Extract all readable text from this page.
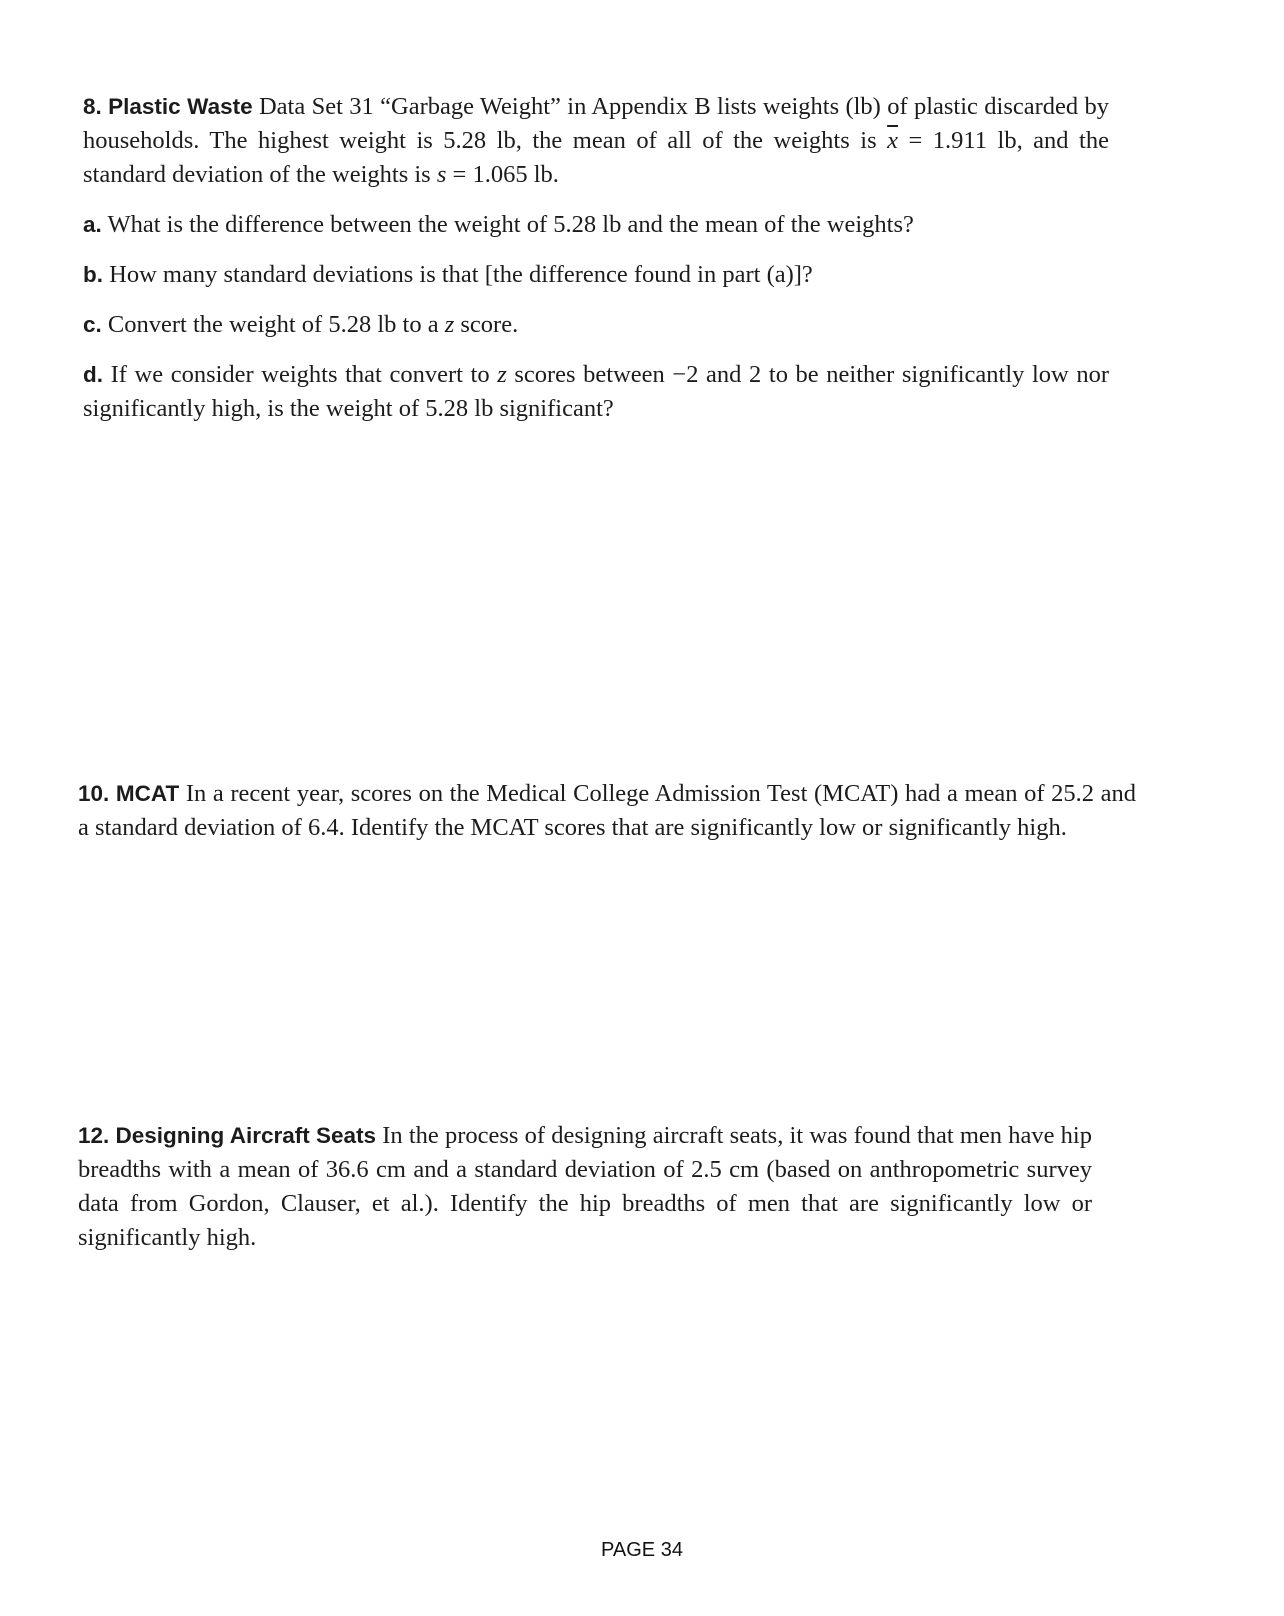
8. Plastic Waste Data Set 31 “Garbage Weight” in Appendix B lists weights (lb) of plastic discarded by households. The highest weight is 5.28 lb, the mean of all of the weights is $\overline{x} = 1.911$ lb, and the standard deviation of the weights is s = 1.065 lb.

a. What is the difference between the weight of 5.28 lb and the mean of the weights?

b. How many standard deviations is that [the difference found in part (a)]?

c. Convert the weight of 5.28 lb to a z score.

d. If we consider weights that convert to z scores between −2 and 2 to be neither significantly low nor significantly high, is the weight of 5.28 lb significant?

10. MCAT In a recent year, scores on the Medical College Admission Test (MCAT) had a mean of 25.2 and a standard deviation of 6.4. Identify the MCAT scores that are significantly low or significantly high.

12. Designing Aircraft Seats In the process of designing aircraft seats, it was found that men have hip breadths with a mean of 36.6 cm and a standard deviation of 2.5 cm (based on anthropometric survey data from Gordon, Clauser, et al.). Identify the hip breadths of men that are significantly low or significantly high.

PAGE 34
